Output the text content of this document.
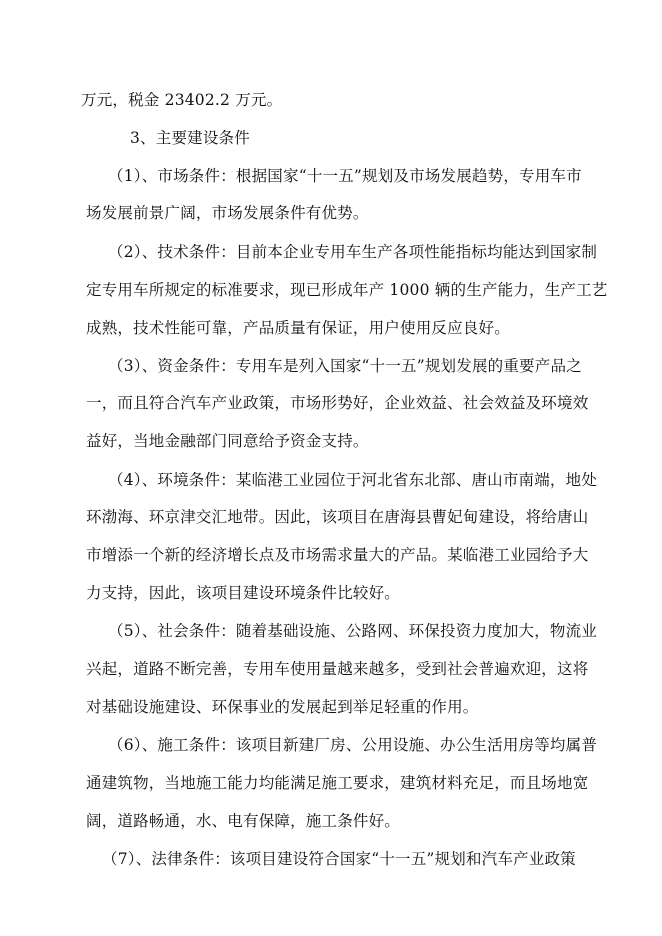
万元，税金 23402.2 万元。
3、主要建设条件
（1）、市场条件：根据国家“十一五”规划及市场发展趋势，专用车市
场发展前景广阔，市场发展条件有优势。
（2）、技术条件：目前本企业专用车生产各项性能指标均能达到国家制
定专用车所规定的标准要求，现已形成年产 1000 辆的生产能力，生产工艺
成熟，技术性能可靠，产品质量有保证，用户使用反应良好。
（3）、资金条件：专用车是列入国家“十一五”规划发展的重要产品之
一，而且符合汽车产业政策，市场形势好，企业效益、社会效益及环境效
益好，当地金融部门同意给予资金支持。
（4）、环境条件：某临港工业园位于河北省东北部、唐山市南端，地处
环渤海、环京津交汇地带。因此，该项目在唐海县曹妃甸建设，将给唐山
市增添一个新的经济增长点及市场需求量大的产品。某临港工业园给予大
力支持，因此，该项目建设环境条件比较好。
（5）、社会条件：随着基础设施、公路网、环保投资力度加大，物流业
兴起，道路不断完善，专用车使用量越来越多，受到社会普遍欢迎，这将
对基础设施建设、环保事业的发展起到举足轻重的作用。
（6）、施工条件：该项目新建厂房、公用设施、办公生活用房等均属普
通建筑物，当地施工能力均能满足施工要求，建筑材料充足，而且场地宽
阔，道路畅通，水、电有保障，施工条件好。
（7）、法律条件：该项目建设符合国家“十一五”规划和汽车产业政策
